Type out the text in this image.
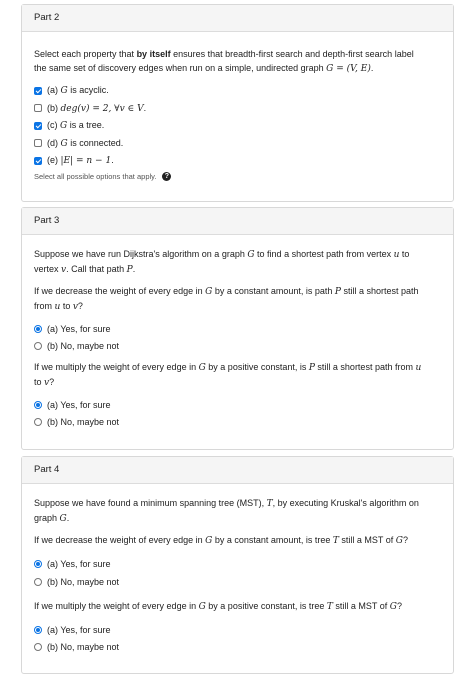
Part 2
Select each property that by itself ensures that breadth-first search and depth-first search label
the same set of discovery edges when run on a simple, undirected graph G = (V, E).
(a) G is acyclic.
(b) deg(v) = 2, ∀v ∈ V.
(c) G is a tree.
(d) G is connected.
(e) |E| = n − 1.
Select all possible options that apply.	?
Part 3
Suppose we have run Dijkstra's algorithm on a graph G to find a shortest path from vertex u to
vertex v. Call that path P.
If we decrease the weight of every edge in G by a constant amount, is path P still a shortest path
from u to v?
(a) Yes, for sure
(b) No, maybe not
If we multiply the weight of every edge in G by a positive constant, is P still a shortest path from u
to v?
(a) Yes, for sure
(b) No, maybe not
Part 4
Suppose we have found a minimum spanning tree (MST), T, by executing Kruskal's algorithm on
graph G.
If we decrease the weight of every edge in G by a constant amount, is tree T still a MST of G?
(a) Yes, for sure
(b) No, maybe not
If we multiply the weight of every edge in G by a positive constant, is tree T still a MST of G?
(a) Yes, for sure
(b) No, maybe not
